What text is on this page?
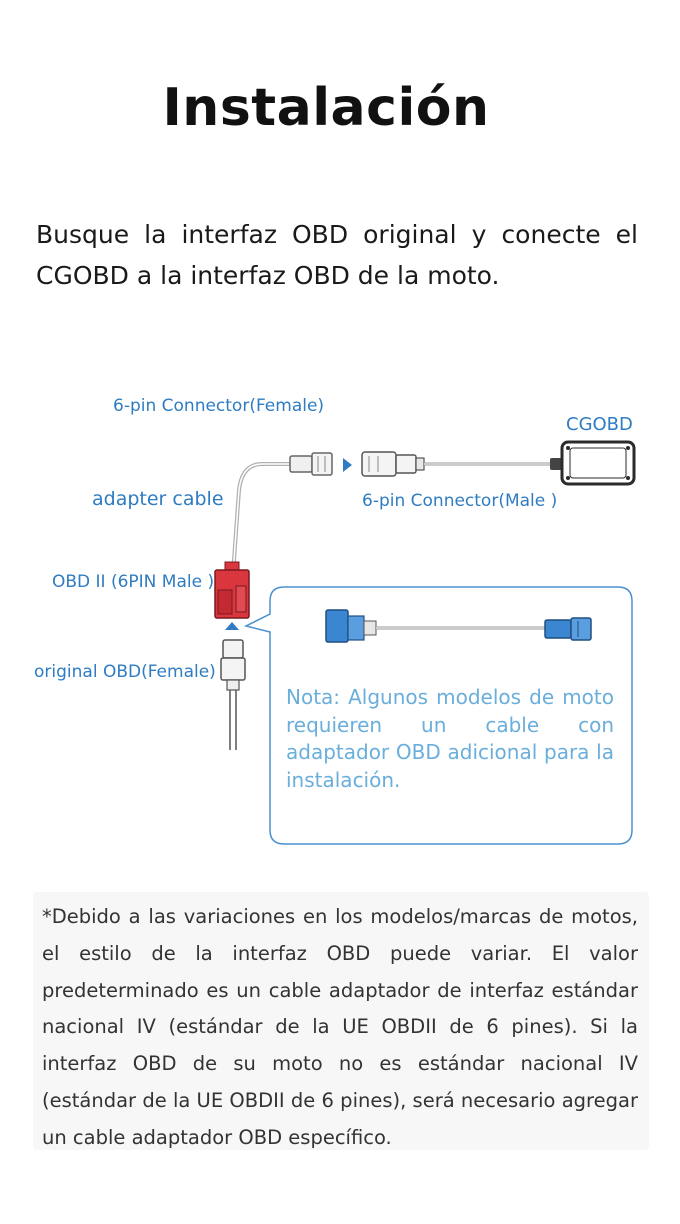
Instalación
Busque la interfaz OBD original y conecte el CGOBD a la interfaz OBD de la moto.
6-pin Connector(Female)
CGOBD
adapter cable	6-pin Connector(Male )
OBD II (6PIN Male )
original OBD(Female)
Nota: Algunos modelos de moto requieren un cable con adaptador OBD adicional para la instalación.
*Debido a las variaciones en los modelos/marcas de motos, el estilo de la interfaz OBD puede variar. El valor predeterminado es un cable adaptador de interfaz estándar nacional IV (estándar de la UE OBDII de 6 pines). Si la interfaz OBD de su moto no es estándar nacional IV (estándar de la UE OBDII de 6 pines), será necesario agregar un cable adaptador OBD específico.
